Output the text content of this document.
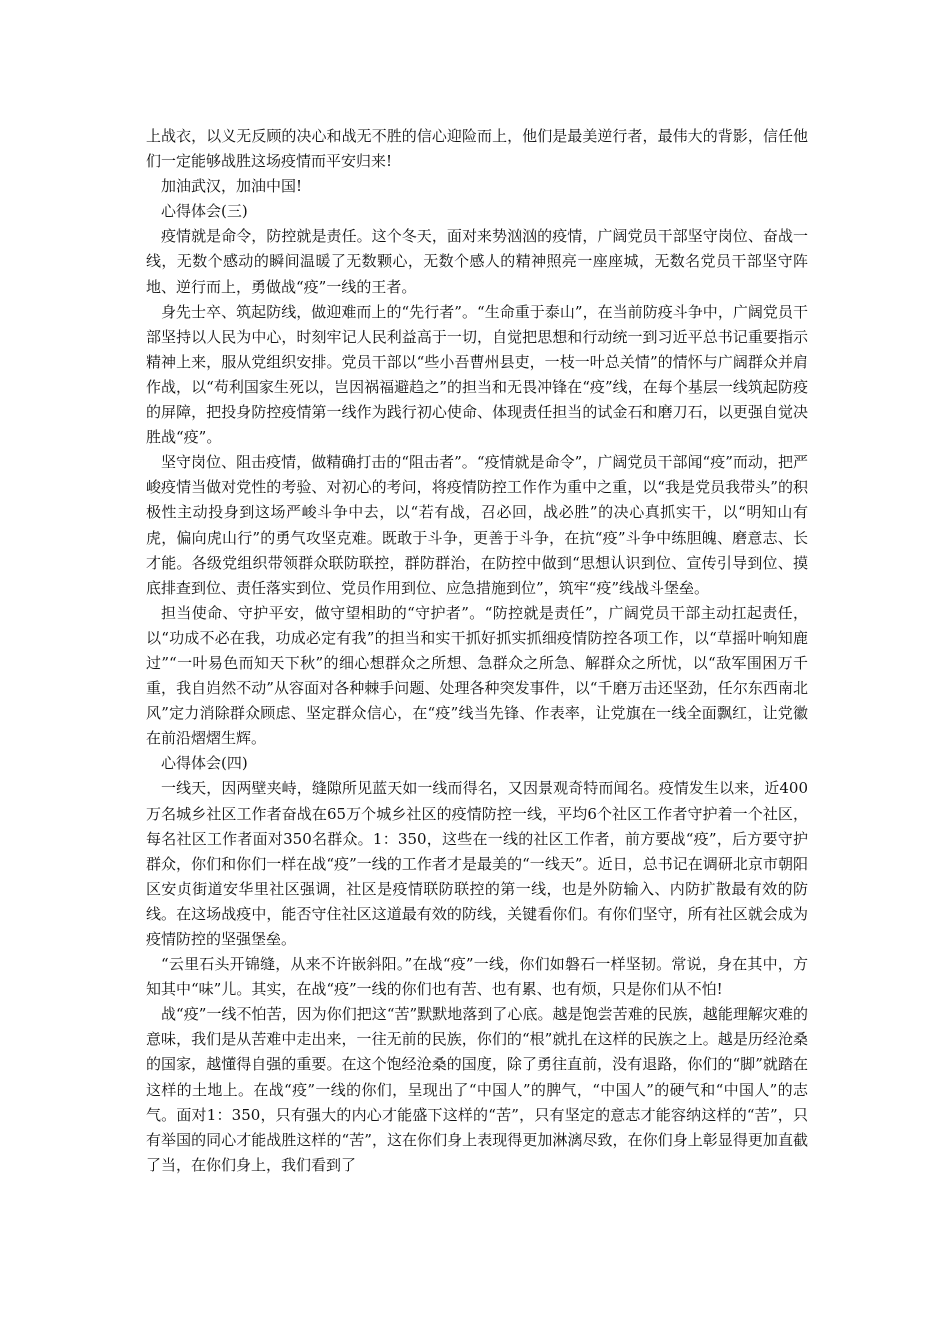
上战衣，以义无反顾的决心和战无不胜的信心迎险而上，他们是最美逆行者，最伟大的背影，信任他们一定能够战胜这场疫情而平安归来!

加油武汉，加油中国!

心得体会(三)

疫情就是命令，防控就是责任。这个冬天，面对来势汹汹的疫情，广阔党员干部坚守岗位、奋战一线，无数个感动的瞬间温暖了无数颗心，无数个感人的精神照亮一座座城，无数名党员干部坚守阵地、逆行而上，勇做战“疫”一线的王者。

身先士卒、筑起防线，做迎难而上的“先行者”。“生命重于泰山”，在当前防疫斗争中，广阔党员干部坚持以人民为中心，时刻牢记人民利益高于一切，自觉把思想和行动统一到习近平总书记重要指示精神上来，服从党组织安排。党员干部以“些小吾曹州县吏，一枝一叶总关情”的情怀与广阔群众并肩作战，以“苟利国家生死以，岂因祸福避趋之”的担当和无畏冲锋在“疫”线，在每个基层一线筑起防疫的屏障，把投身防控疫情第一线作为践行初心使命、体现责任担当的试金石和磨刀石，以更强自觉决胜战“疫”。

坚守岗位、阻击疫情，做精确打击的“阻击者”。“疫情就是命令”，广阔党员干部闻“疫”而动，把严峻疫情当做对党性的考验、对初心的考问，将疫情防控工作作为重中之重，以“我是党员我带头”的积极性主动投身到这场严峻斗争中去，以“若有战，召必回，战必胜”的决心真抓实干，以“明知山有虎，偏向虎山行”的勇气攻坚克难。既敢于斗争，更善于斗争，在抗“疫”斗争中练胆魄、磨意志、长才能。各级党组织带领群众联防联控，群防群治，在防控中做到“思想认识到位、宣传引导到位、摸底排查到位、责任落实到位、党员作用到位、应急措施到位”，筑牢“疫”线战斗堡垒。

担当使命、守护平安，做守望相助的“守护者”。“防控就是责任”，广阔党员干部主动扛起责任，以“功成不必在我，功成必定有我”的担当和实干抓好抓实抓细疫情防控各项工作，以“草摇叶响知鹿过”“一叶易色而知天下秋”的细心想群众之所想、急群众之所急、解群众之所忧，以“敌军围困万千重，我自岿然不动”从容面对各种棘手问题、处理各种突发事件，以“千磨万击还坚劲，任尔东西南北风”定力消除群众顾虑、坚定群众信心，在“疫”线当先锋、作表率，让党旗在一线全面飘红，让党徽在前沿熠熠生辉。

心得体会(四)

一线天，因两壁夹峙，缝隙所见蓝天如一线而得名，又因景观奇特而闻名。疫情发生以来，近400万名城乡社区工作者奋战在65万个城乡社区的疫情防控一线，平均6个社区工作者守护着一个社区，每名社区工作者面对350名群众。1：350，这些在一线的社区工作者，前方要战“疫”，后方要守护群众，你们和你们一样在战“疫”一线的工作者才是最美的“一线天”。近日，总书记在调研北京市朝阳区安贞街道安华里社区强调，社区是疫情联防联控的第一线，也是外防输入、内防扩散最有效的防线。在这场战疫中，能否守住社区这道最有效的防线，关键看你们。有你们坚守，所有社区就会成为疫情防控的坚强堡垒。

“云里石头开锦缝，从来不许嵌斜阳。”在战“疫”一线，你们如磐石一样坚韧。常说，身在其中，方知其中“味”儿。其实，在战“疫”一线的你们也有苦、也有累、也有烦，只是你们从不怕!

战“疫”一线不怕苦，因为你们把这“苦”默默地落到了心底。越是饱尝苦难的民族，越能理解灾难的意味，我们是从苦难中走出来，一往无前的民族，你们的“根”就扎在这样的民族之上。越是历经沧桑的国家，越懂得自强的重要。在这个饱经沧桑的国度，除了勇往直前，没有退路，你们的“脚”就踏在这样的土地上。在战“疫”一线的你们，呈现出了“中国人”的脾气，“中国人”的硬气和“中国人”的志气。面对1：350，只有强大的内心才能盛下这样的“苦”，只有坚定的意志才能容纳这样的“苦”，只有举国的同心才能战胜这样的“苦”，这在你们身上表现得更加淋漓尽致，在你们身上彰显得更加直截了当，在你们身上，我们看到了
